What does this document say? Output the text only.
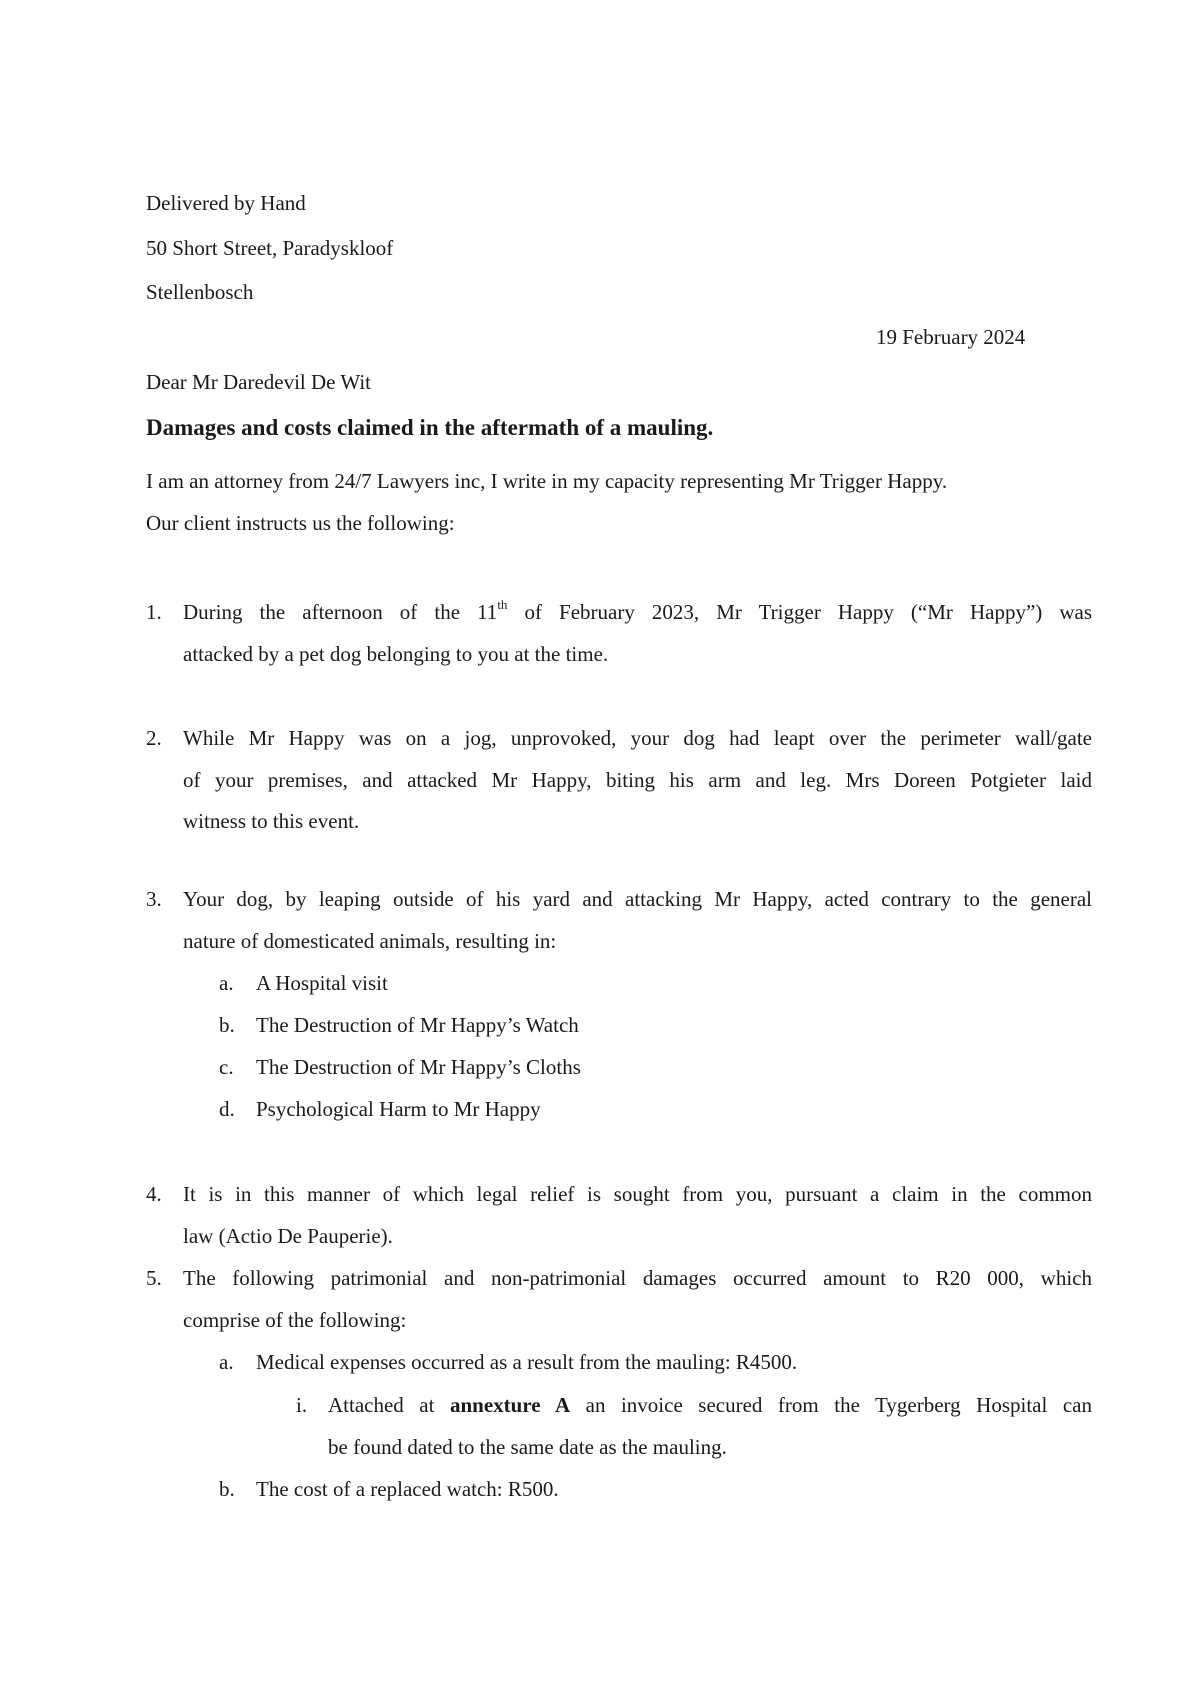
Delivered by Hand
50 Short Street, Paradyskloof
Stellenbosch
19 February 2024
Dear Mr Daredevil De Wit
Damages and costs claimed in the aftermath of a mauling.
I am an attorney from 24/7 Lawyers inc, I write in my capacity representing Mr Trigger Happy.
Our client instructs us the following:
1. During the afternoon of the 11th of February 2023, Mr Trigger Happy (“Mr Happy”) was
attacked by a pet dog belonging to you at the time.
2. While Mr Happy was on a jog, unprovoked, your dog had leapt over the perimeter wall/gate
of your premises, and attacked Mr Happy, biting his arm and leg. Mrs Doreen Potgieter laid
witness to this event.
3. Your dog, by leaping outside of his yard and attacking Mr Happy, acted contrary to the general
nature of domesticated animals, resulting in:
a. A Hospital visit
b. The Destruction of Mr Happy’s Watch
c. The Destruction of Mr Happy’s Cloths
d. Psychological Harm to Mr Happy
4. It is in this manner of which legal relief is sought from you, pursuant a claim in the common
law (Actio De Pauperie).
5. The following patrimonial and non-patrimonial damages occurred amount to R20 000, which
comprise of the following:
a. Medical expenses occurred as a result from the mauling: R4500.
i. Attached at annexture A an invoice secured from the Tygerberg Hospital can
be found dated to the same date as the mauling.
b. The cost of a replaced watch: R500.
